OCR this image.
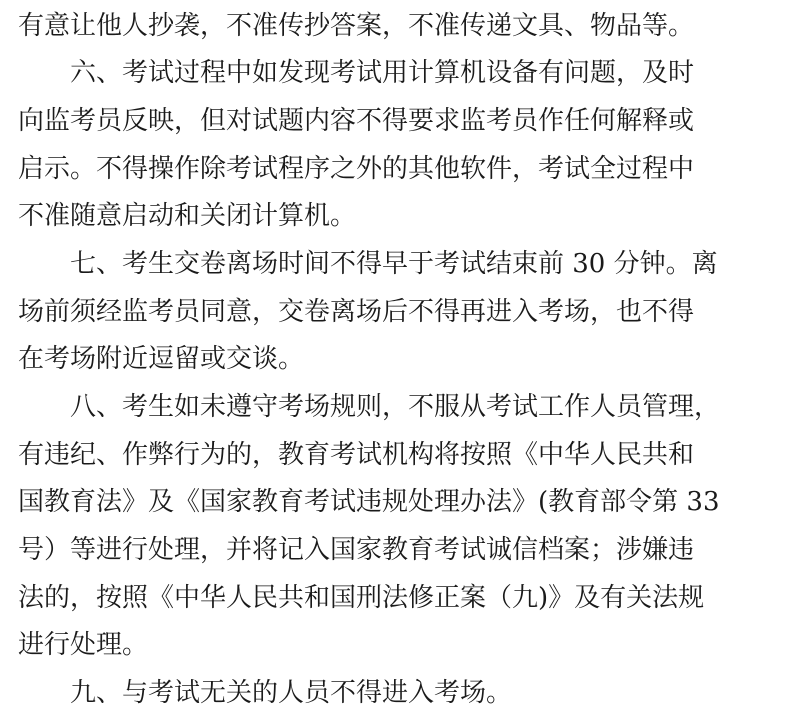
有意让他人抄袭，不准传抄答案，不准传递文具、物品等。
六、考试过程中如发现考试用计算机设备有问题，及时
向监考员反映，但对试题内容不得要求监考员作任何解释或
启示。不得操作除考试程序之外的其他软件，考试全过程中
不准随意启动和关闭计算机。
七、考生交卷离场时间不得早于考试结束前 30 分钟。离
场前须经监考员同意，交卷离场后不得再进入考场，也不得
在考场附近逗留或交谈。
八、考生如未遵守考场规则，不服从考试工作人员管理，
有违纪、作弊行为的，教育考试机构将按照《中华人民共和
国教育法》及《国家教育考试违规处理办法》(教育部令第 33
号）等进行处理，并将记入国家教育考试诚信档案；涉嫌违
法的，按照《中华人民共和国刑法修正案（九)》及有关法规
进行处理。
九、与考试无关的人员不得进入考场。
